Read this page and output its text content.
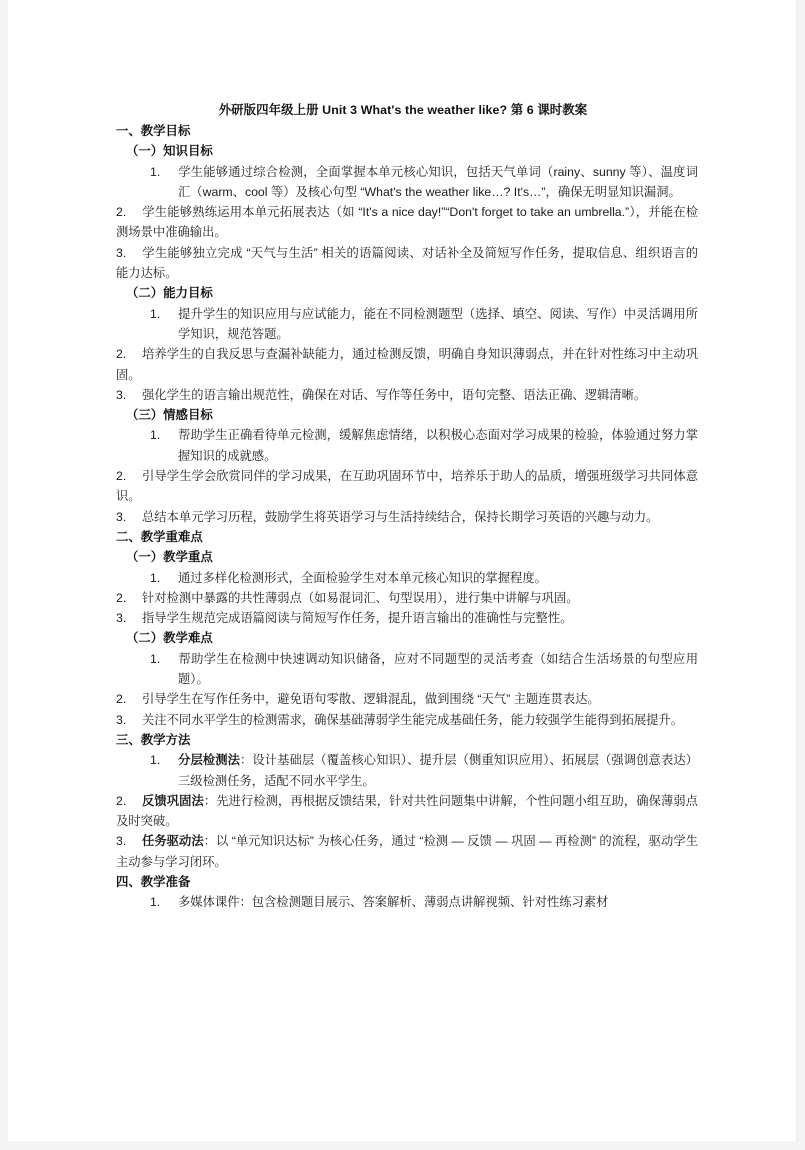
外研版四年级上册 Unit 3 What's the weather like? 第 6 课时教案
一、教学目标
（一）知识目标
1. 学生能够通过综合检测，全面掌握本单元核心知识，包括天气单词（rainy、sunny 等）、温度词汇（warm、cool 等）及核心句型 “What's the weather like…? It's…”，确保无明显知识漏洞。
2. 学生能够熟练运用本单元拓展表达（如 “It's a nice day!”“Don't forget to take an umbrella.”），并能在检测场景中准确输出。
3. 学生能够独立完成 “天气与生活” 相关的语篇阅读、对话补全及简短写作任务，提取信息、组织语言的能力达标。
（二）能力目标
1. 提升学生的知识应用与应试能力，能在不同检测题型（选择、填空、阅读、写作）中灵活调用所学知识，规范答题。
2. 培养学生的自我反思与查漏补缺能力，通过检测反馈，明确自身知识薄弱点，并在针对性练习中主动巩固。
3. 强化学生的语言输出规范性，确保在对话、写作等任务中，语句完整、语法正确、逻辑清晰。
（三）情感目标
1. 帮助学生正确看待单元检测，缓解焦虑情绪，以积极心态面对学习成果的检验，体验通过努力掌握知识的成就感。
2. 引导学生学会欣赏同伴的学习成果，在互助巩固环节中，培养乐于助人的品质，增强班级学习共同体意识。
3. 总结本单元学习历程，鼓励学生将英语学习与生活持续结合，保持长期学习英语的兴趣与动力。
二、教学重难点
（一）教学重点
1. 通过多样化检测形式，全面检验学生对本单元核心知识的掌握程度。
2. 针对检测中暴露的共性薄弱点（如易混词汇、句型误用），进行集中讲解与巩固。
3. 指导学生规范完成语篇阅读与简短写作任务，提升语言输出的准确性与完整性。
（二）教学难点
1. 帮助学生在检测中快速调动知识储备，应对不同题型的灵活考查（如结合生活场景的句型应用题）。
2. 引导学生在写作任务中，避免语句零散、逻辑混乱，做到围绕 “天气” 主题连贯表达。
3. 关注不同水平学生的检测需求，确保基础薄弱学生能完成基础任务，能力较强学生能得到拓展提升。
三、教学方法
1. 分层检测法：设计基础层（覆盖核心知识）、提升层（侧重知识应用）、拓展层（强调创意表达）三级检测任务，适配不同水平学生。
2. 反馈巩固法：先进行检测，再根据反馈结果，针对共性问题集中讲解，个性问题小组互助，确保薄弱点及时突破。
3. 任务驱动法：以 “单元知识达标” 为核心任务，通过 “检测 — 反馈 — 巩固 — 再检测” 的流程，驱动学生主动参与学习闭环。
四、教学准备
1. 多媒体课件：包含检测题目展示、答案解析、薄弱点讲解视频、针对性练习素材
